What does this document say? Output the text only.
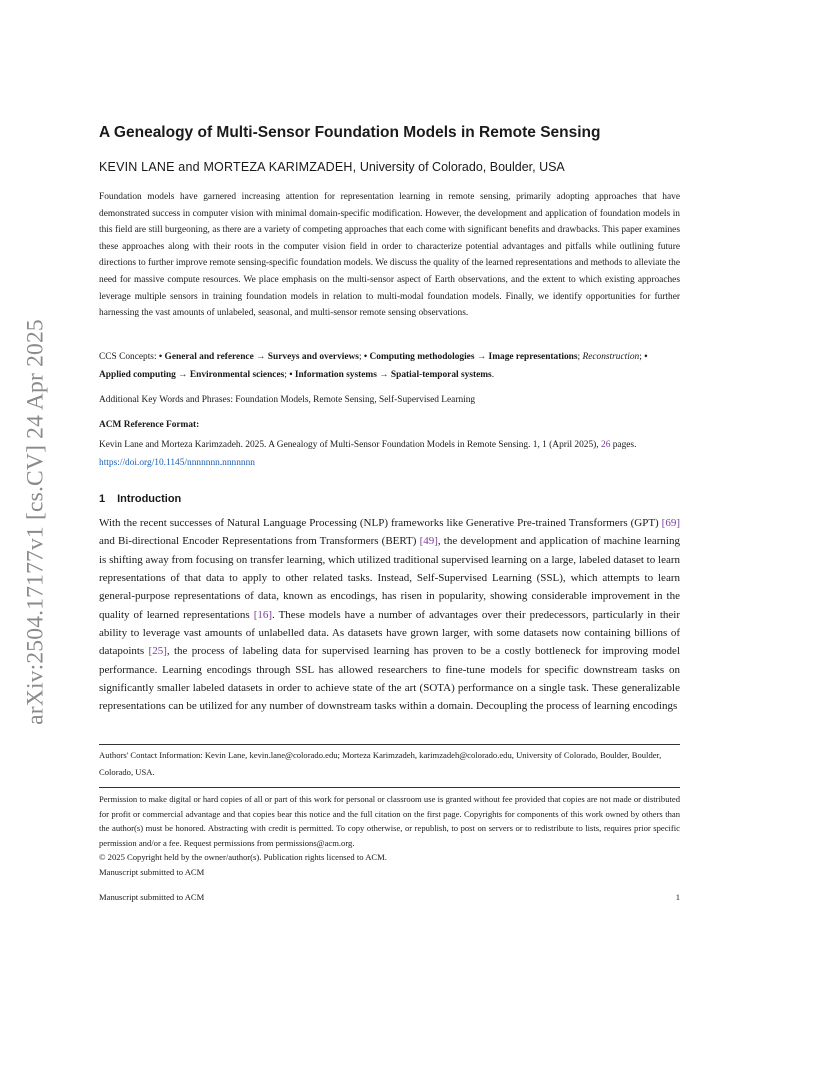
arXiv:2504.17177v1 [cs.CV] 24 Apr 2025
A Genealogy of Multi-Sensor Foundation Models in Remote Sensing
KEVIN LANE and MORTEZA KARIMZADEH, University of Colorado, Boulder, USA

Foundation models have garnered increasing attention for representation learning in remote sensing, primarily adopting approaches that have demonstrated success in computer vision with minimal domain-specific modification. However, the development and application of foundation models in this field are still burgeoning, as there are a variety of competing approaches that each come with significant benefits and drawbacks. This paper examines these approaches along with their roots in the computer vision field in order to characterize potential advantages and pitfalls while outlining future directions to further improve remote sensing-specific foundation models. We discuss the quality of the learned representations and methods to alleviate the need for massive compute resources. We place emphasis on the multi-sensor aspect of Earth observations, and the extent to which existing approaches leverage multiple sensors in training foundation models in relation to multi-modal foundation models. Finally, we identify opportunities for further harnessing the vast amounts of unlabeled, seasonal, and multi-sensor remote sensing observations.

CCS Concepts: • General and reference → Surveys and overviews; • Computing methodologies → Image representations; Reconstruction; • Applied computing → Environmental sciences; • Information systems → Spatial-temporal systems.
Additional Key Words and Phrases: Foundation Models, Remote Sensing, Self-Supervised Learning
ACM Reference Format:
Kevin Lane and Morteza Karimzadeh. 2025. A Genealogy of Multi-Sensor Foundation Models in Remote Sensing. 1, 1 (April 2025), 26 pages. https://doi.org/10.1145/nnnnnnn.nnnnnnn
1 Introduction

With the recent successes of Natural Language Processing (NLP) frameworks like Generative Pre-trained Transformers (GPT) [69] and Bi-directional Encoder Representations from Transformers (BERT) [49], the development and application of machine learning is shifting away from focusing on transfer learning, which utilized traditional supervised learning on a large, labeled dataset to learn representations of that data to apply to other related tasks. Instead, Self-Supervised Learning (SSL), which attempts to learn general-purpose representations of data, known as encodings, has risen in popularity, showing considerable improvement in the quality of learned representations [16]. These models have a number of advantages over their predecessors, particularly in their ability to leverage vast amounts of unlabelled data. As datasets have grown larger, with some datasets now containing billions of datapoints [25], the process of labeling data for supervised learning has proven to be a costly bottleneck for improving model performance. Learning encodings through SSL has allowed researchers to fine-tune models for specific downstream tasks on significantly smaller labeled datasets in order to achieve state of the art (SOTA) performance on a single task. These generalizable representations can be utilized for any number of downstream tasks within a domain. Decoupling the process of learning encodings

Authors' Contact Information: Kevin Lane, kevin.lane@colorado.edu; Morteza Karimzadeh, karimzadeh@colorado.edu, University of Colorado, Boulder, Boulder, Colorado, USA.

Permission to make digital or hard copies of all or part of this work for personal or classroom use is granted without fee provided that copies are not made or distributed for profit or commercial advantage and that copies bear this notice and the full citation on the first page. Copyrights for components of this work owned by others than the author(s) must be honored. Abstracting with credit is permitted. To copy otherwise, or republish, to post on servers or to redistribute to lists, requires prior specific permission and/or a fee. Request permissions from permissions@acm.org.

© 2025 Copyright held by the owner/author(s). Publication rights licensed to ACM.

Manuscript submitted to ACM

Manuscript submitted to ACM	1
